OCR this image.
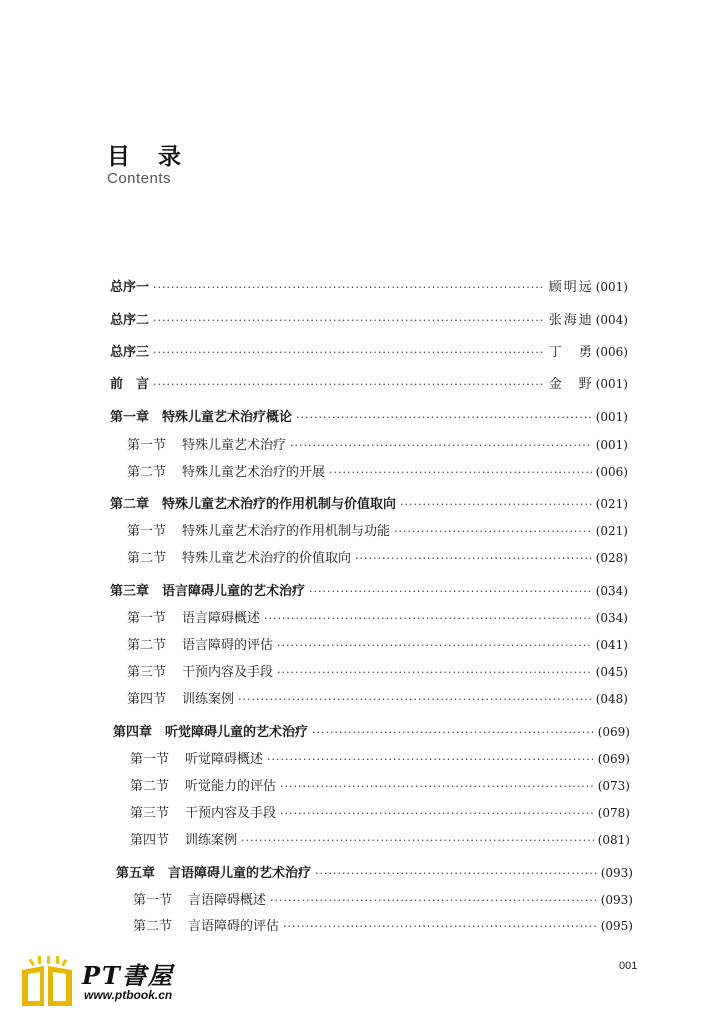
目 录
Contents
总序一 ·····	顾明远 (001)
总序二 ·····	张海迪 (004)
总序三 ·····	丁　勇 (006)
前　言 ·····	金　野 (001)
第一章　特殊儿童艺术治疗概论 ·····	(001)
第一节 特殊儿童艺术治疗 ·····	(001)
第二节 特殊儿童艺术治疗的开展 ·····	(006)
第二章　特殊儿童艺术治疗的作用机制与价值取向 ·····	(021)
第一节 特殊儿童艺术治疗的作用机制与功能 ·····	(021)
第二节 特殊儿童艺术治疗的价值取向 ·····	(028)
第三章　语言障碍儿童的艺术治疗 ·····	(034)
第一节 语言障碍概述 ·····	(034)
第二节 语言障碍的评估 ·····	(041)
第三节 干预内容及手段 ·····	(045)
第四节 训练案例 ·····	(048)
第四章　听觉障碍儿童的艺术治疗 ·····	(069)
第一节 听觉障碍概述 ·····	(069)
第二节 听觉能力的评估 ·····	(073)
第三节 干预内容及手段 ·····	(078)
第四节 训练案例 ·····	(081)
第五章　言语障碍儿童的艺术治疗 ·····	(093)
第一节 言语障碍概述 ·····	(093)
第二节 言语障碍的评估 ·····	(095)
PT書屋
www.ptbook.cn
001
